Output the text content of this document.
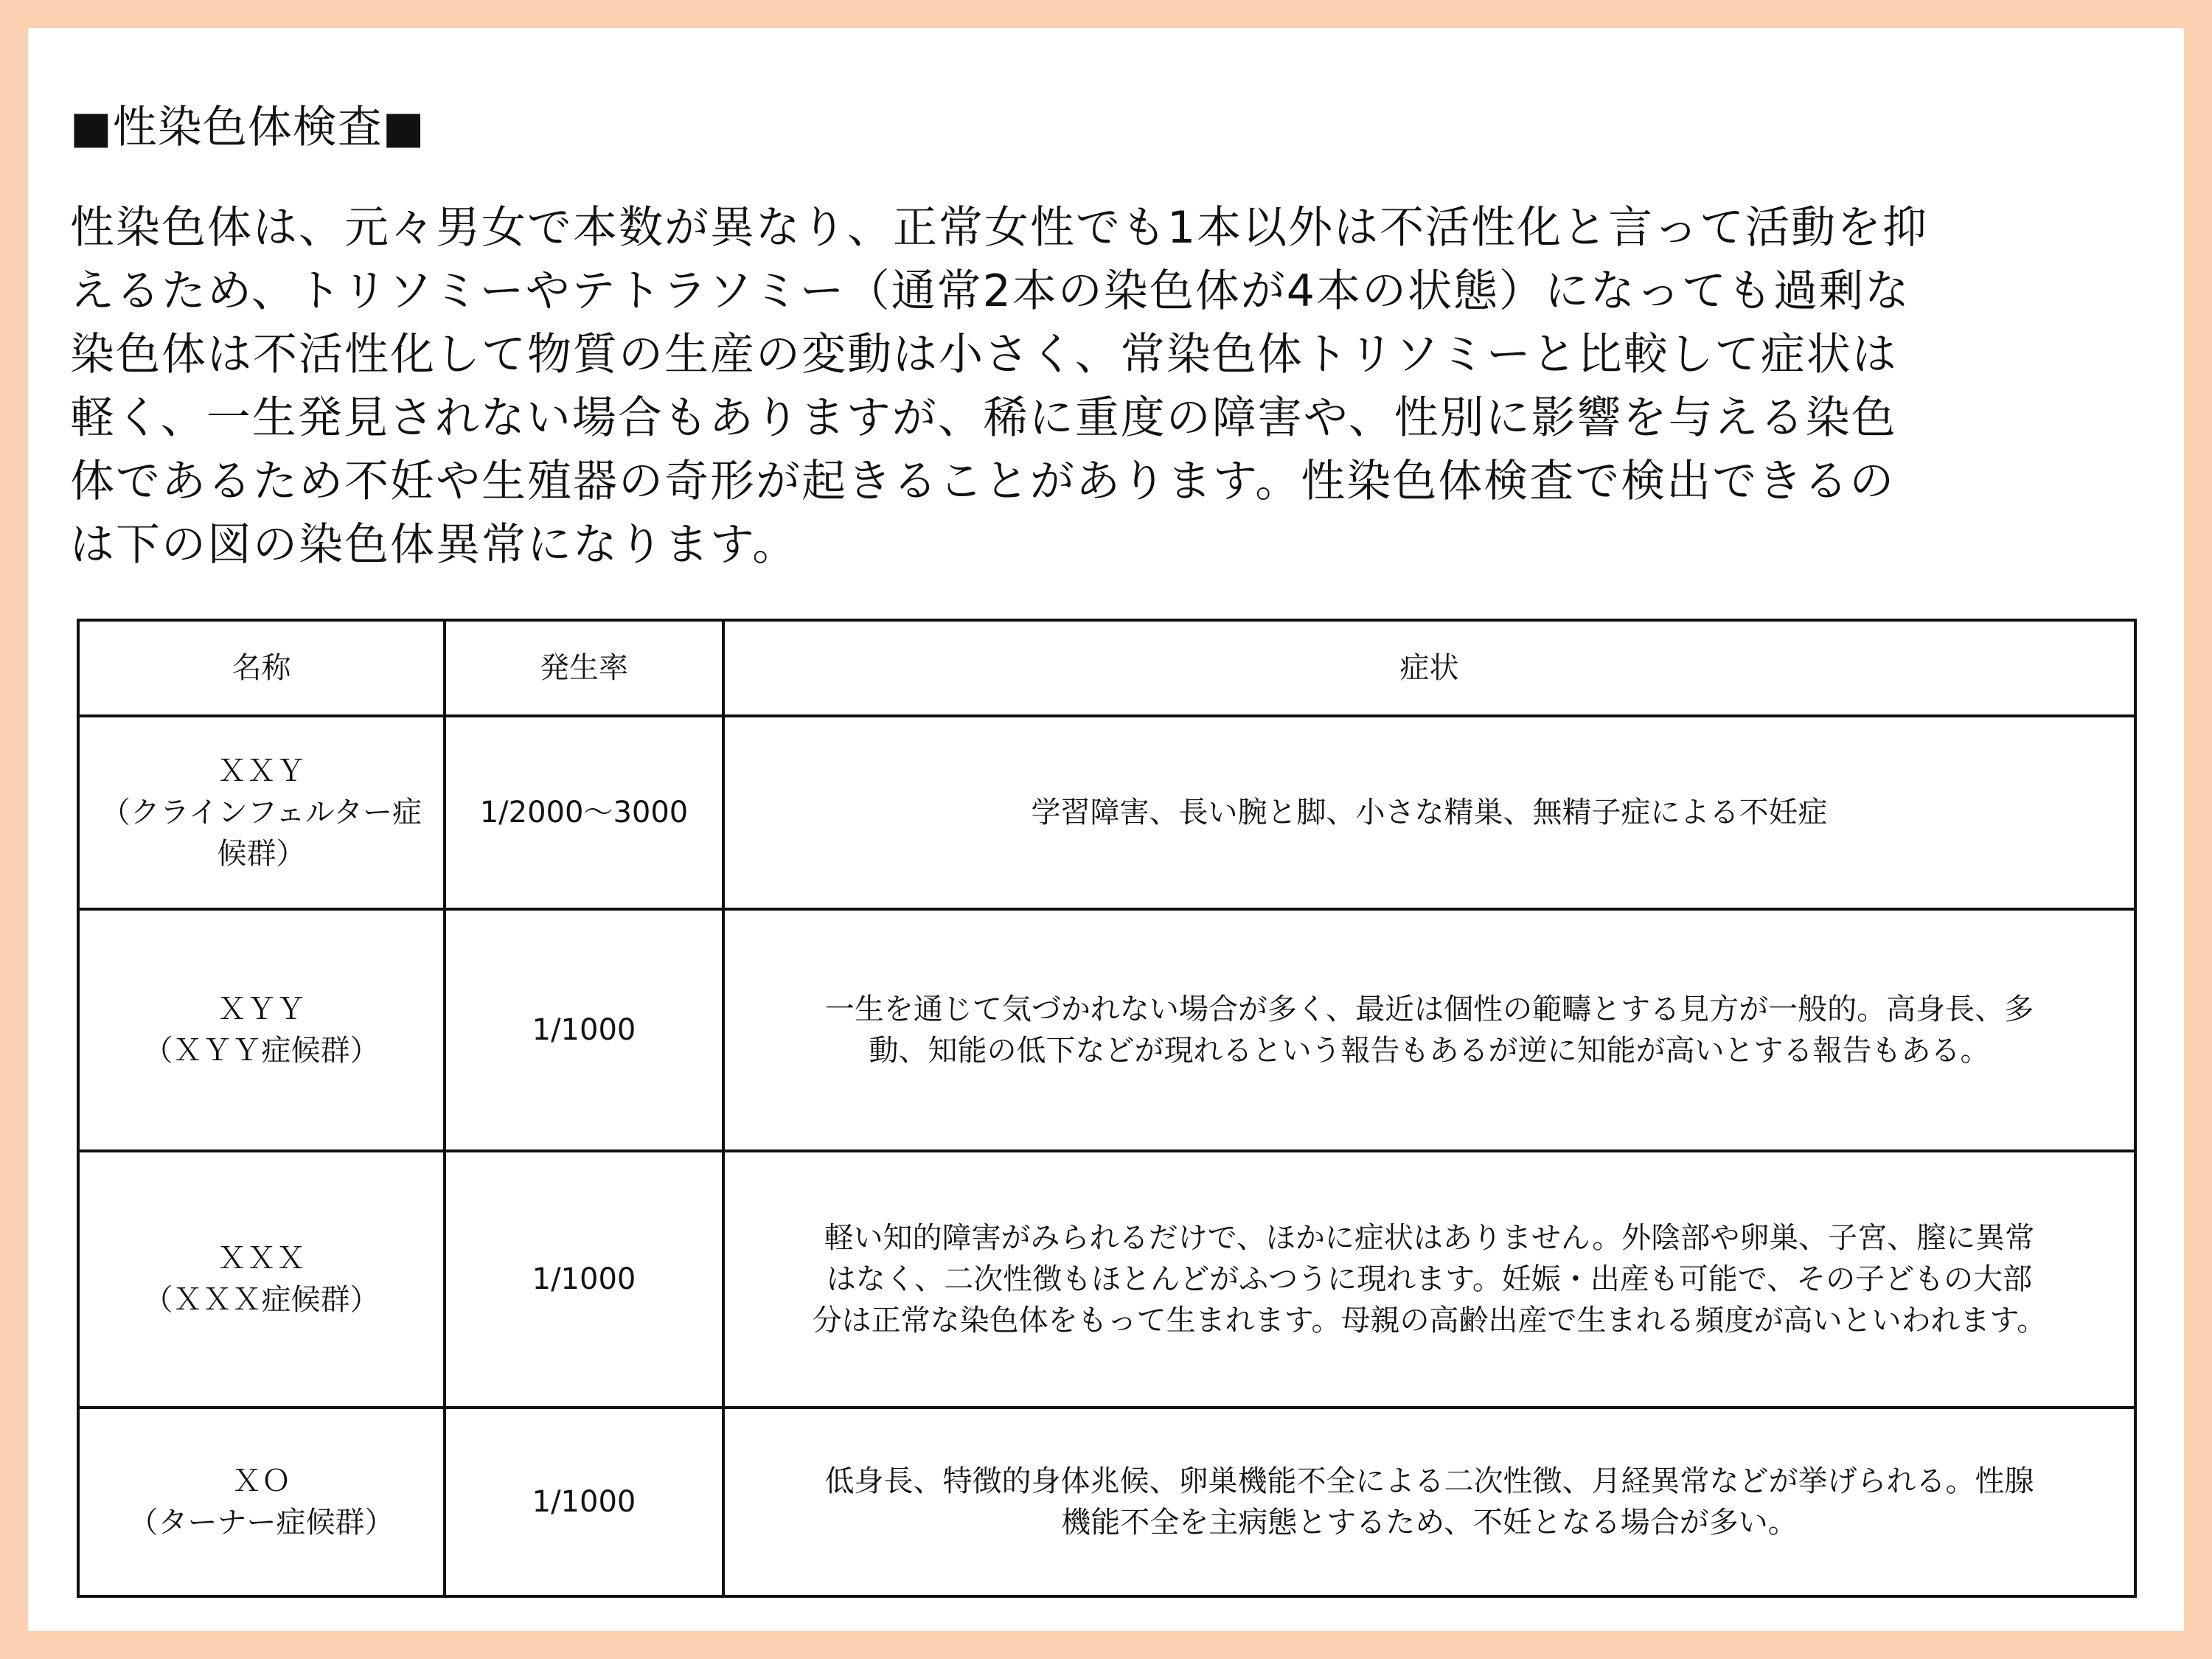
■性染色体検査■
性染色体は、元々男女で本数が異なり、正常女性でも1本以外は不活性化と言って活動を抑
えるため、トリソミーやテトラソミー（通常2本の染色体が4本の状態）になっても過剰な
染色体は不活性化して物質の生産の変動は小さく、常染色体トリソミーと比較して症状は
軽く、一生発見されない場合もありますが、稀に重度の障害や、性別に影響を与える染色
体であるため不妊や生殖器の奇形が起きることがあります。性染色体検査で検出できるの
は下の図の染色体異常になります。
名称	発生率	症状

ＸＸＹ
（クラインフェルター症
候群）	1/2000～3000	学習障害、長い腕と脚、小さな精巣、無精子症による不妊症

ＸＹＹ
（ＸＹＹ症候群）	1/1000	一生を通じて気づかれない場合が多く、最近は個性の範疇とする見方が一般的。高身長、多
動、知能の低下などが現れるという報告もあるが逆に知能が高いとする報告もある。

ＸＸＸ
（ＸＸＸ症候群）	1/1000	軽い知的障害がみられるだけで、ほかに症状はありません。外陰部や卵巣、子宮、膣に異常
はなく、二次性徴もほとんどがふつうに現れます。妊娠・出産も可能で、その子どもの大部
分は正常な染色体をもって生まれます。母親の高齢出産で生まれる頻度が高いといわれます。

ＸＯ
（ターナー症候群）	1/1000	低身長、特徴的身体兆候、卵巣機能不全による二次性徴、月経異常などが挙げられる。性腺
機能不全を主病態とするため、不妊となる場合が多い。
